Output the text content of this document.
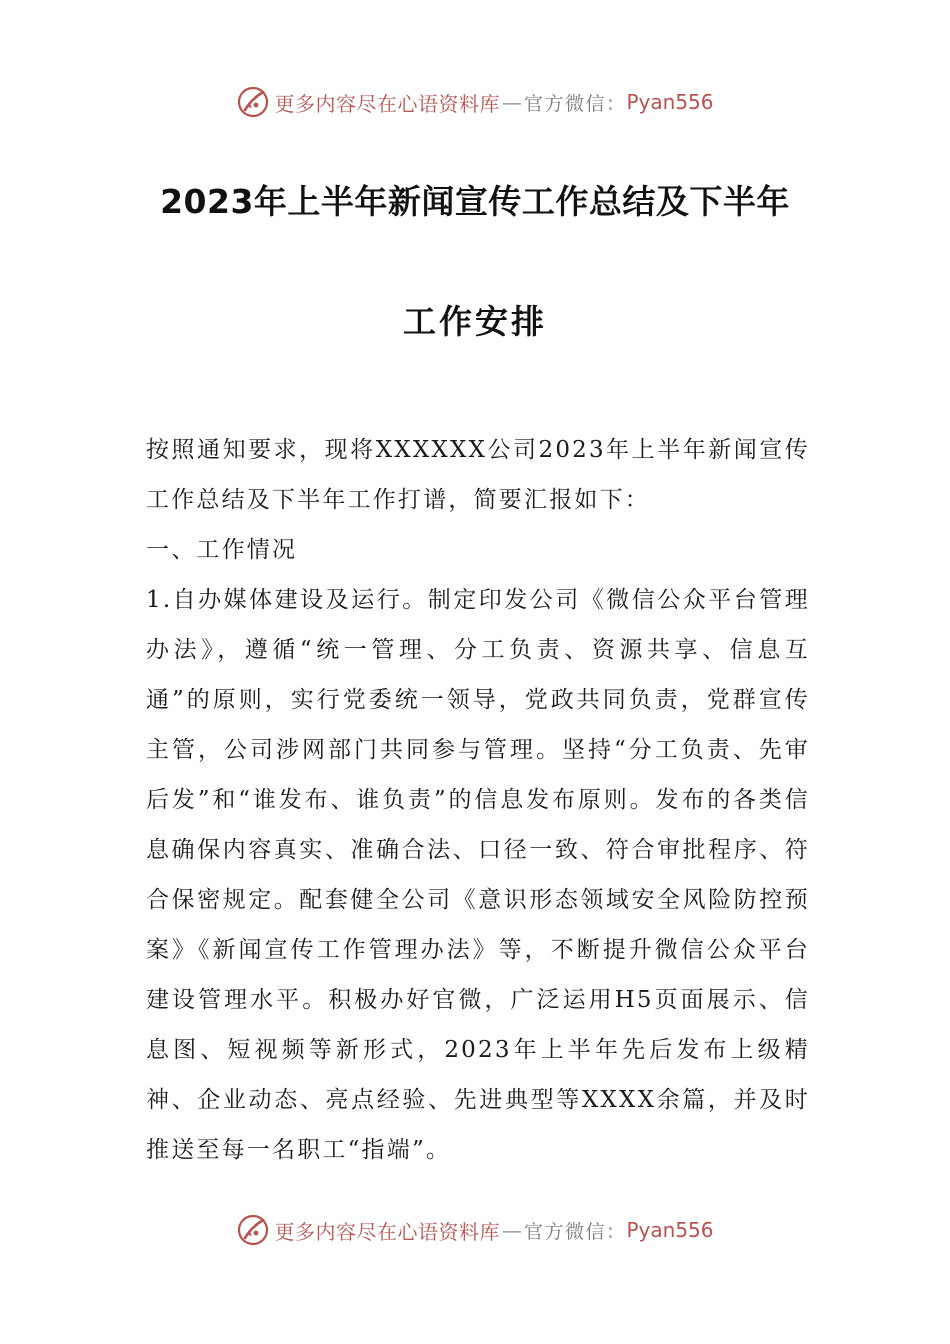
更多内容尽在心语资料库 — 官方微信： Pyan556
2023年上半年新闻宣传工作总结及下半年
工作安排

按照通知要求，现将XXXXXX公司2023年上半年新闻宣传工作总结及下半年工作打谱，简要汇报如下：

一、工作情况

1.自办媒体建设及运行。制定印发公司《微信公众平台管理办法》，遵循“统一管理、分工负责、资源共享、信息互通”的原则，实行党委统一领导，党政共同负责，党群宣传主管，公司涉网部门共同参与管理。坚持“分工负责、先审后发”和“谁发布、谁负责”的信息发布原则。发布的各类信息确保内容真实、准确合法、口径一致、符合审批程序、符合保密规定。配套健全公司《意识形态领域安全风险防控预案》《新闻宣传工作管理办法》等，不断提升微信公众平台建设管理水平。积极办好官微，广泛运用H5页面展示、信息图、短视频等新形式，2023年上半年先后发布上级精神、企业动态、亮点经验、先进典型等XXXX余篇，并及时推送至每一名职工“指端”。

更多内容尽在心语资料库 — 官方微信： Pyan556
